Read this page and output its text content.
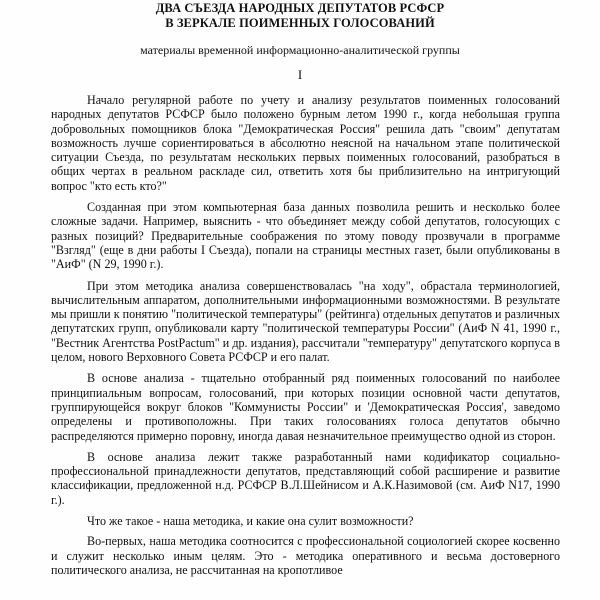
ДВА СЪЕЗДА НАРОДНЫХ ДЕПУТАТОВ РСФСР

В ЗЕРКАЛЕ ПОИМЕННЫХ ГОЛОСОВАНИЙ

материалы временной информационно-аналитической группы
I

Начало регулярной работе по учету и анализу результатов поименных голосований народных депутатов РСФСР было положено бурным летом 1990 г., когда небольшая группа добровольных помощников блока "Демократическая Россия" решила дать "своим" депутатам возможность лучше сориентироваться в абсолютно неясной на начальном этапе политической ситуации Съезда, по результатам нескольких первых поименных голосований, разобраться в общих чертах в реальном раскладе сил, ответить хотя бы приблизительно на интригующий вопрос "кто есть кто?"

Созданная при этом компьютерная база данных позволила решить и несколько более сложные задачи. Например, выяснить - что объединяет между собой депутатов, голосующих с разных позиций? Предварительные соображения по этому поводу прозвучали в программе "Взгляд" (еще в дни работы I Съезда), попали на страницы местных газет, были опубликованы в "АиФ" (N 29, 1990 г.).

При этом методика анализа совершенствовалась "на ходу", обрастала терминологией, вычислительным аппаратом, дополнительными информационными возможностями. В результате мы пришли к понятию "политической температуры" (рейтинга) отдельных депутатов и различных депутатских групп, опубликовали карту "политической температуры России" (АиФ N 41, 1990 г., "Вестник Агентства PostPactum" и др. издания), рассчитали "температуру" депутатского корпуса в целом, нового Верховного Совета РСФСР и его палат.

В основе анализа - тщательно отобранный ряд поименных голосований по наиболее принципиальным вопросам, голосований, при которых позиции основной части депутатов, группирующейся вокруг блоков "Коммунисты России" и 'Демократическая Россия', заведомо определены и противоположны. При таких голосованиях голоса депутатов обычно распределяются примерно поровну, иногда давая незначительное преимущество одной из сторон.

В основе анализа лежит также разработанный нами кодификатор социально-профессиональной принадлежности депутатов, представляющий собой расширение и развитие классификации, предложенной н.д. РСФСР В.Л.Шейнисом и А.К.Назимовой (см. АиФ N17, 1990 г.).

Что же такое - наша методика, и какие она сулит возможности?

Во-первых, наша методика соотносится с профессиональной социологией скорее косвенно и служит несколько иным целям. Это - методика оперативного и весьма достоверного политического анализа, не рассчитанная на кропотливое
